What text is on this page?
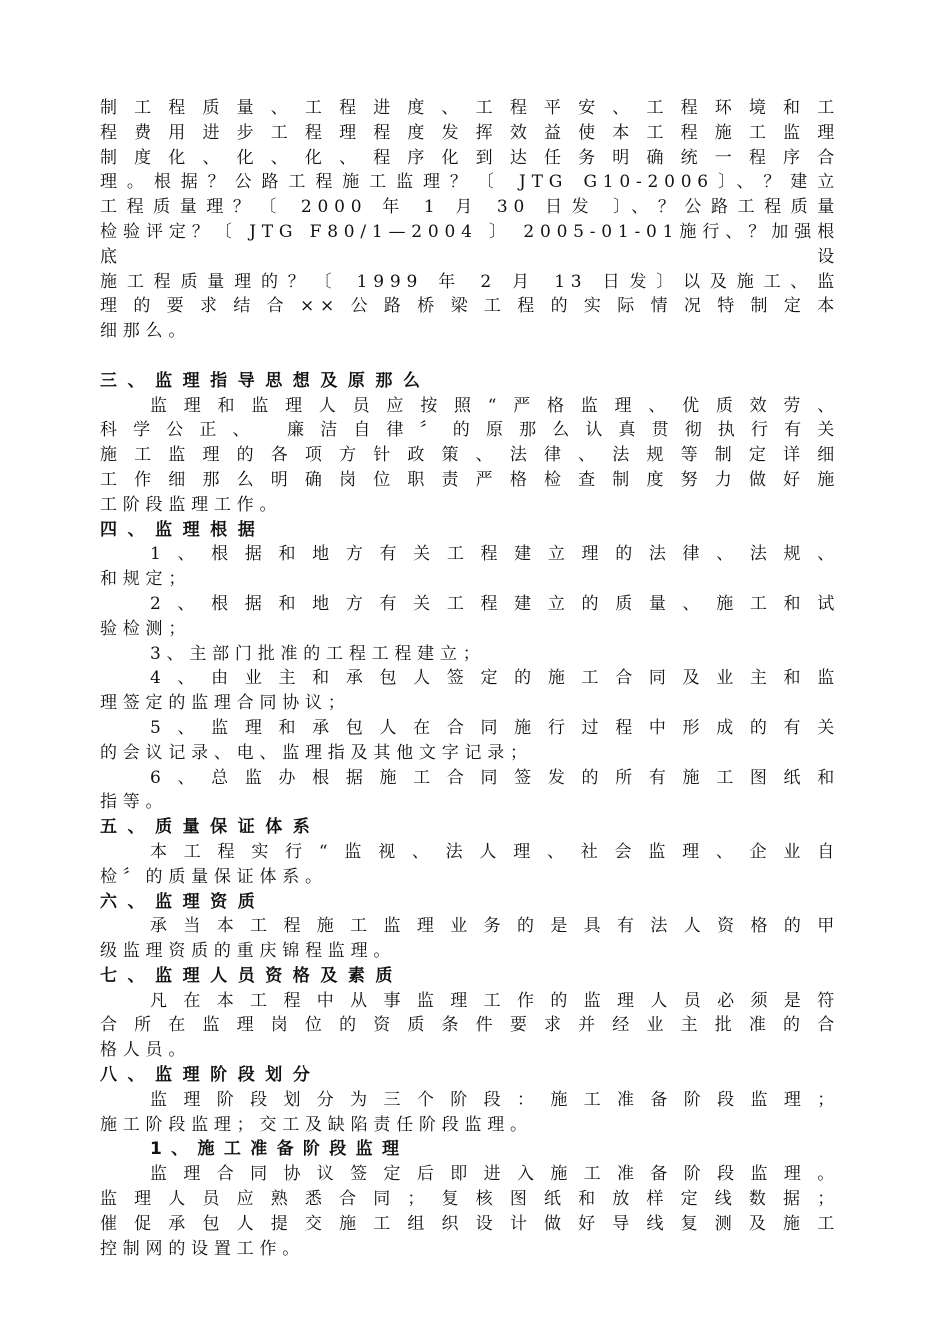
制工程质量、工程进度、工程平安、工程环境和工

程费用进步工程理程度发挥效益使本工程施工监理

制度化、化、化、程序化到达任务明确统一程序合

理。根据？公路工程施工监理？〔 JTG G10-2006〕、？建立

工程质量理？〔 2000 年 1 月 30 日发 〕、？公路工程质量

检验评定？〔 JTG F80/1—2004 〕 2005-01-01施行、？加强根底设

施工程质量理的？〔 1999 年 2 月 13 日发〕以及施工、监

理的要求结合××公路桥梁工程的实际情况特制定本

细那么。

三、监理指导思想及原那么

监理和监理人员应按照“严格监理、优质效劳、

科学公正、 廉洁自律〞的原那么认真贯彻执行有关

施工监理的各项方针政策、法律、法规等制定详细

工作细那么明确岗位职责严格检查制度努力做好施

工阶段监理工作。

四、监理根据

1、根据和地方有关工程建立理的法律、法规、

和规定；

2、根据和地方有关工程建立的质量、施工和试

验检测；

3、主部门批准的工程工程建立；

4、由业主和承包人签定的施工合同及业主和监

理签定的监理合同协议；

5、监理和承包人在合同施行过程中形成的有关

的会议记录、电、监理指及其他文字记录；

6、总监办根据施工合同签发的所有施工图纸和

指等。

五、质量保证体系

本工程实行“监视、法人理、社会监理、企业自

检〞的质量保证体系。

六、监理资质

承当本工程施工监理业务的是具有法人资格的甲

级监理资质的重庆锦程监理。

七、监理人员资格及素质

凡在本工程中从事监理工作的监理人员必须是符

合所在监理岗位的资质条件要求并经业主批准的合

格人员。

八、监理阶段划分

监理阶段划分为三个阶段：施工准备阶段监理；

施工阶段监理；交工及缺陷责任阶段监理。

1、施工准备阶段监理

监理合同协议签定后即进入施工准备阶段监理。

监理人员应熟悉合同；复核图纸和放样定线数据；

催促承包人提交施工组织设计做好导线复测及施工

控制网的设置工作。
